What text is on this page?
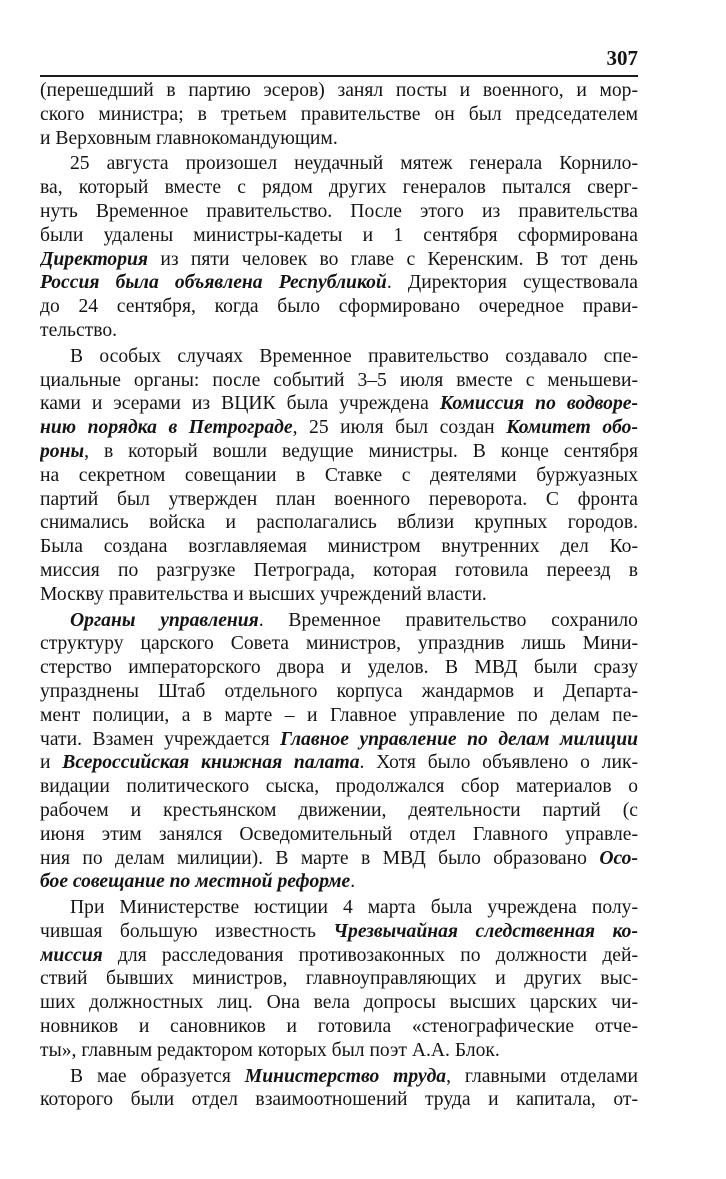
307
(перешедший в партию эсеров) занял посты и военного, и мор-
ского министра; в третьем правительстве он был председателем
и Верховным главнокомандующим.
25 августа произошел неудачный мятеж генерала Корнило-
ва, который вместе с рядом других генералов пытался сверг-
нуть Временное правительство. После этого из правительства
были удалены министры-кадеты и 1 сентября сформирована
Директория из пяти человек во главе с Керенским. В тот день
Россия была объявлена Республикой. Директория существовала
до 24 сентября, когда было сформировано очередное прави-
тельство.
В особых случаях Временное правительство создавало спе-
циальные органы: после событий 3–5 июля вместе с меньшеви-
ками и эсерами из ВЦИК была учреждена Комиссия по водворе-
нию порядка в Петрограде, 25 июля был создан Комитет обо-
роны, в который вошли ведущие министры. В конце сентября
на секретном совещании в Ставке с деятелями буржуазных
партий был утвержден план военного переворота. С фронта
снимались войска и располагались вблизи крупных городов.
Была создана возглавляемая министром внутренних дел Ко-
миссия по разгрузке Петрограда, которая готовила переезд в
Москву правительства и высших учреждений власти.
Органы управления. Временное правительство сохранило
структуру царского Совета министров, упразднив лишь Мини-
стерство императорского двора и уделов. В МВД были сразу
упразднены Штаб отдельного корпуса жандармов и Департа-
мент полиции, а в марте – и Главное управление по делам пе-
чати. Взамен учреждается Главное управление по делам милиции
и Всероссийская книжная палата. Хотя было объявлено о лик-
видации политического сыска, продолжался сбор материалов о
рабочем и крестьянском движении, деятельности партий (с
июня этим занялся Осведомительный отдел Главного управле-
ния по делам милиции). В марте в МВД было образовано Осо-
бое совещание по местной реформе.
При Министерстве юстиции 4 марта была учреждена полу-
чившая большую известность Чрезвычайная следственная ко-
миссия для расследования противозаконных по должности дей-
ствий бывших министров, главноуправляющих и других выс-
ших должностных лиц. Она вела допросы высших царских чи-
новников и сановников и готовила «стенографические отче-
ты», главным редактором которых был поэт А.А. Блок.
В мае образуется Министерство труда, главными отделами
которого были отдел взаимоотношений труда и капитала, от-
